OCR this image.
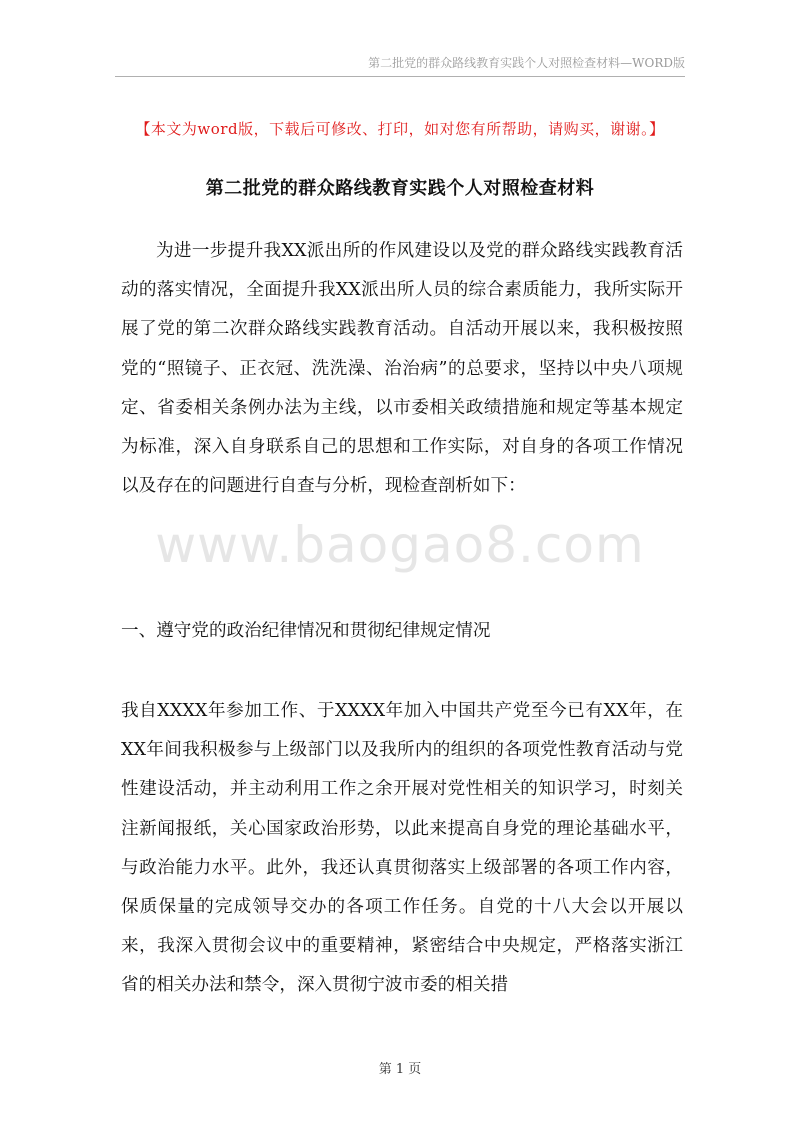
第二批党的群众路线教育实践个人对照检查材料—WORD版
【本文为word版，下载后可修改、打印，如对您有所帮助，请购买，谢谢。】
第二批党的群众路线教育实践个人对照检查材料

为进一步提升我XX派出所的作风建设以及党的群众路线实践教育活动的落实情况，全面提升我XX派出所人员的综合素质能力，我所实际开展了党的第二次群众路线实践教育活动。自活动开展以来，我积极按照党的“照镜子、正衣冠、洗洗澡、治治病”的总要求，坚持以中央八项规定、省委相关条例办法为主线，以市委相关政绩措施和规定等基本规定为标准，深入自身联系自己的思想和工作实际，对自身的各项工作情况以及存在的问题进行自查与分析，现检查剖析如下：

www.baogao8.com
一、遵守党的政治纪律情况和贯彻纪律规定情况

我自XXXX年参加工作、于XXXX年加入中国共产党至今已有XX年，在XX年间我积极参与上级部门以及我所内的组织的各项党性教育活动与党性建设活动，并主动利用工作之余开展对党性相关的知识学习，时刻关注新闻报纸，关心国家政治形势，以此来提高自身党的理论基础水平，与政治能力水平。此外，我还认真贯彻落实上级部署的各项工作内容，保质保量的完成领导交办的各项工作任务。自党的十八大会以开展以来，我深入贯彻会议中的重要精神，紧密结合中央规定，严格落实浙江省的相关办法和禁令，深入贯彻宁波市委的相关措

第 1 页
